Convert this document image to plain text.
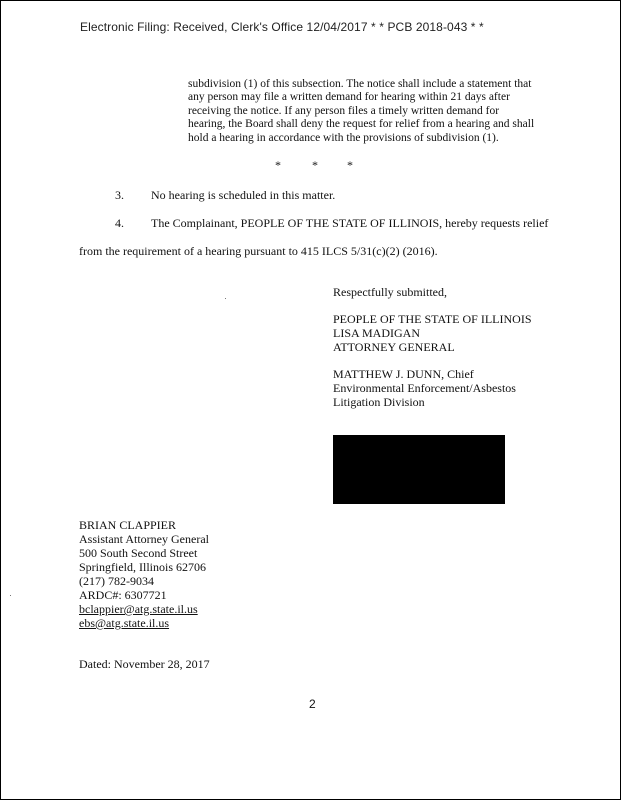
Electronic Filing: Received, Clerk's Office 12/04/2017 * * PCB 2018-043 * *

subdivision (1) of this subsection. The notice shall include a statement that

any person may file a written demand for hearing within 21 days after

receiving the notice. If any person files a timely written demand for

hearing, the Board shall deny the request for relief from a hearing and shall

hold a hearing in accordance with the provisions of subdivision (1).

*	* *
3. No hearing is scheduled in this matter.
4. The Complainant, PEOPLE OF THE STATE OF ILLINOIS, hereby requests relief
from the requirement of a hearing pursuant to 415 ILCS 5/31(c)(2) (2016).
Respectfully submitted,
PEOPLE OF THE STATE OF ILLINOIS
LISA MADIGAN
ATTORNEY GENERAL
MATTHEW J. DUNN, Chief
Environmental Enforcement/Asbestos
Litigation Division
BRIAN CLAPPIER
Assistant Attorney General
500 South Second Street
Springfield, Illinois 62706
(217) 782-9034
ARDC#: 6307721
bclappier@atg.state.il.us
ebs@atg.state.il.us
Dated: November 28, 2017
2
